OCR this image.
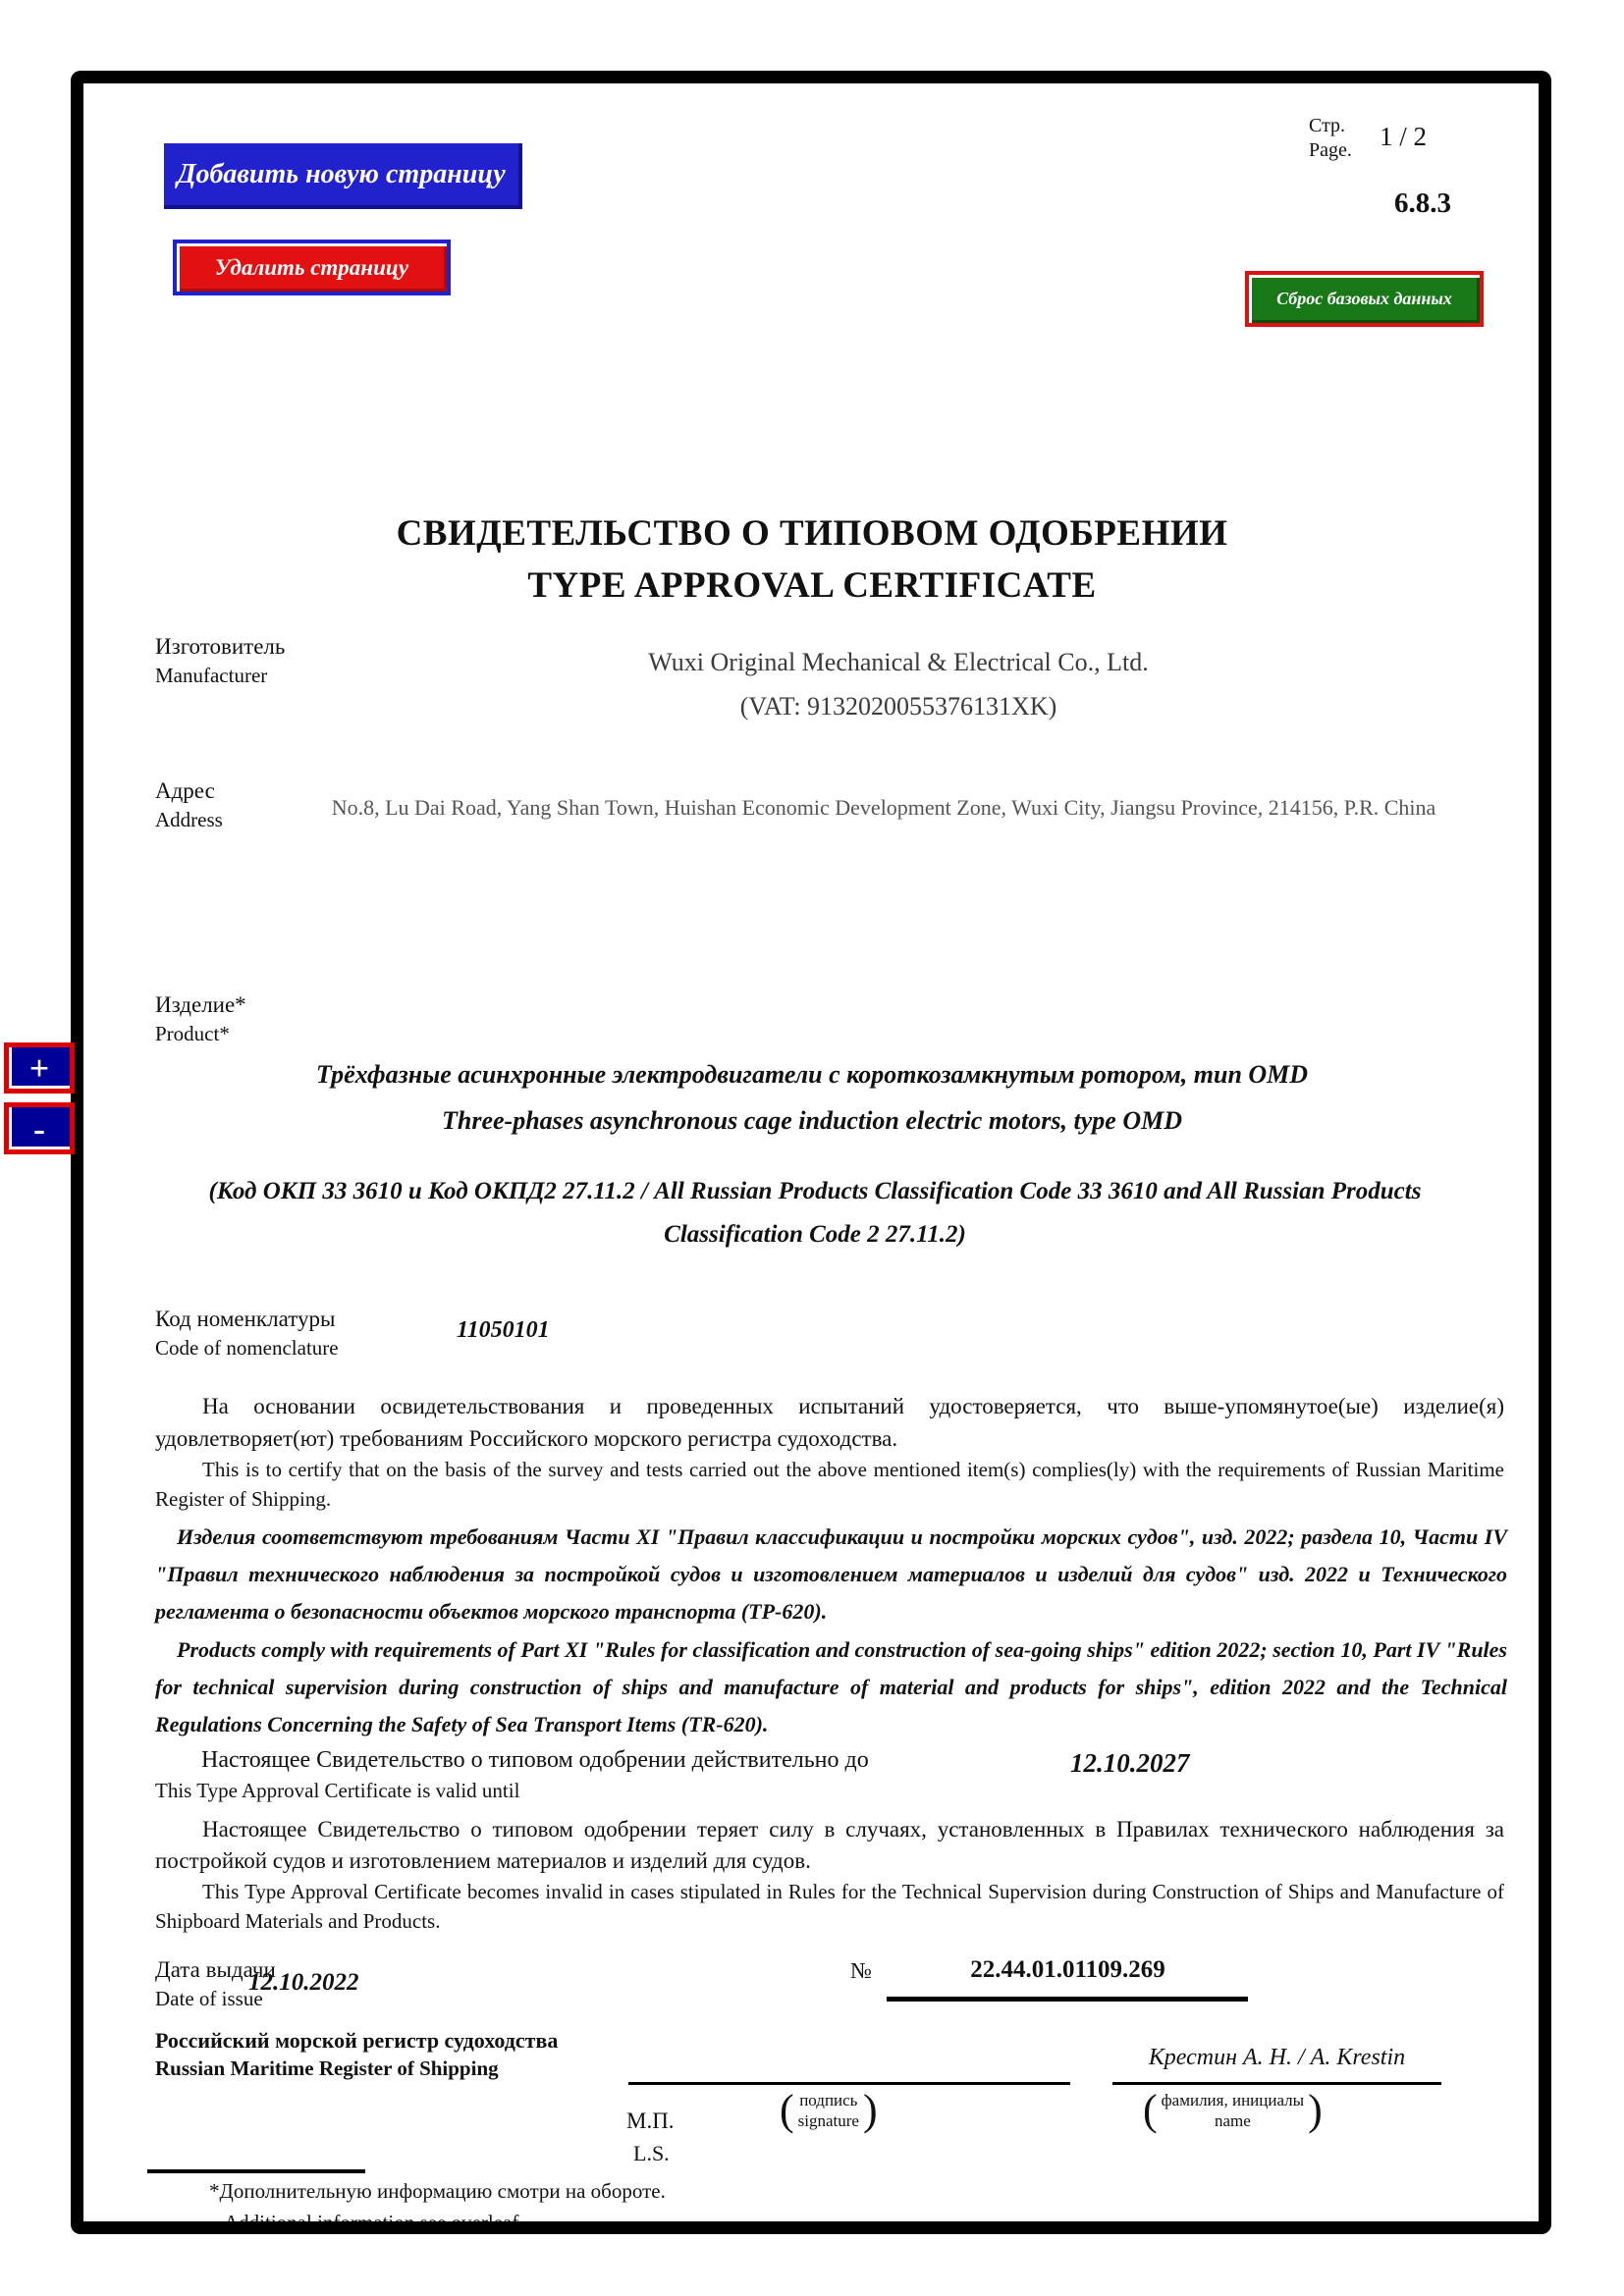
Добавить новую страницу
Удалить страницу
Сброс базовых данных
+
-
Стр.
Page. 1 / 2
6.8.3
СВИДЕТЕЛЬСТВО О ТИПОВОМ ОДОБРЕНИИ
TYPE APPROVAL CERTIFICATE
Изготовитель
Manufacturer	Wuxi Original Mechanical & Electrical Co., Ltd.
(VAT: 9132020055376131XK)
Адрес
Address	No.8, Lu Dai Road, Yang Shan Town, Huishan Economic Development Zone, Wuxi City, Jiangsu Province, 214156, P.R. China
Изделие*
Product*
Трёхфазные асинхронные электродвигатели с короткозамкнутым ротором, тип OMD
Three-phases asynchronous cage induction electric motors, type OMD
(Код ОКП 33 3610 и Код ОКПД2 27.11.2 / All Russian Products Classification Code 33 3610 and All Russian Products Classification Code 2 27.11.2)
Код номенклатуры
Code of nomenclature
11050101
На основании освидетельствования и проведенных испытаний удостоверяется, что выше-упомянутое(ые) изделие(я) удовлетворяет(ют) требованиям Российского морского регистра судоходства.
This is to certify that on the basis of the survey and tests carried out the above mentioned item(s) complies(ly) with the requirements of Russian Maritime Register of Shipping.
Изделия соответствуют требованиям Части XI "Правил классификации и постройки морских судов", изд. 2022; раздела 10, Части IV "Правил технического наблюдения за постройкой судов и изготовлением материалов и изделий для судов" изд. 2022 и Технического регламента о безопасности объектов морского транспорта (ТР-620).
Products comply with requirements of Part XI "Rules for classification and construction of sea-going ships" edition 2022; section 10, Part IV "Rules for technical supervision during construction of ships and manufacture of material and products for ships", edition 2022 and the Technical Regulations Concerning the Safety of Sea Transport Items (TR-620).
Настоящее Свидетельство о типовом одобрении действительно до
This Type Approval Certificate is valid until
12.10.2027
Настоящее Свидетельство о типовом одобрении теряет силу в случаях, установленных в Правилах технического наблюдения за постройкой судов и изготовлением материалов и изделий для судов.
This Type Approval Certificate becomes invalid in cases stipulated in Rules for the Technical Supervision during Construction of Ships and Manufacture of Shipboard Materials and Products.
Дата выдачи
Date of issue
12.10.2022	№	22.44.01.01109.269
Российский морской регистр судоходства
Russian Maritime Register of Shipping	Крестин А. Н. / A. Krestin
( подпись
signature )	( фамилия, инициалы
name )
М.П.
L.S.
*Дополнительную информацию смотри на обороте.
Additional information see overleaf.
